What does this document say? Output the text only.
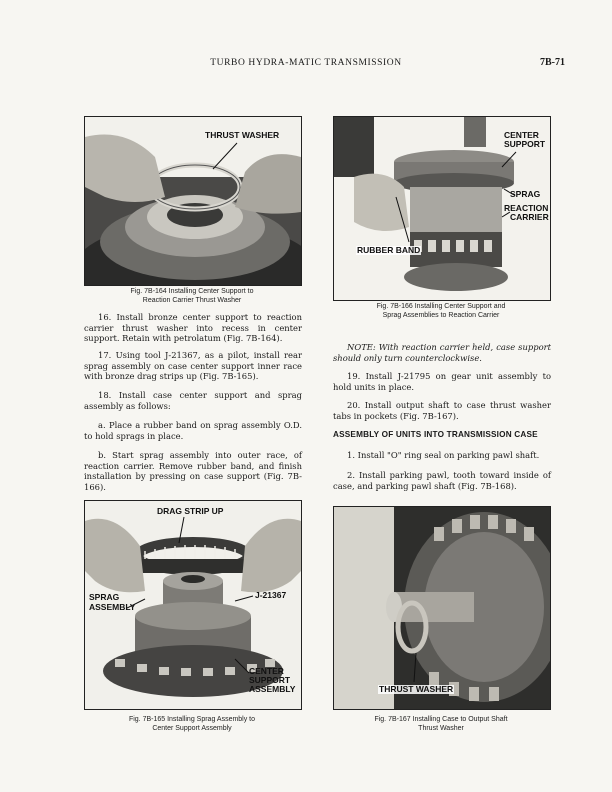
TURBO HYDRA-MATIC TRANSMISSION	7B-71
THRUST WASHER
Fig. 7B-164 Installing Center Support to
Reaction Carrier Thrust Washer
CENTER
SUPPORT
SPRAG
REACTION
CARRIER
RUBBER BAND
Fig. 7B-166 Installing Center Support and
Sprag Assemblies to Reaction Carrier

16. Install bronze center support to reaction carrier thrust washer into recess in center support. Retain with petrolatum (Fig. 7B-164).

17. Using tool J-21367, as a pilot, install rear sprag assembly on case center support inner race with bronze drag strips up (Fig. 7B-165).

18. Install case center support and sprag assembly as follows:

a. Place a rubber band on sprag assembly O.D. to hold sprags in place.

b. Start sprag assembly into outer race, of reaction carrier. Remove rubber band, and finish installation by pressing on case support (Fig. 7B-166).

NOTE: With reaction carrier held, case support should only turn counterclockwise.

19. Install J-21795 on gear unit assembly to hold units in place.

20. Install output shaft to case thrust washer tabs in pockets (Fig. 7B-167).

ASSEMBLY OF UNITS INTO TRANSMISSION CASE

1. Install "O" ring seal on parking pawl shaft.

2. Install parking pawl, tooth toward inside of case, and parking pawl shaft (Fig. 7B-168).

DRAG STRIP UP
SPRAG
ASSEMBLY
J-21367
CENTER
SUPPORT
ASSEMBLY
Fig. 7B-165 Installing Sprag Assembly to
Center Support Assembly
THRUST WASHER
Fig. 7B-167 Installing Case to Output Shaft
Thrust Washer
